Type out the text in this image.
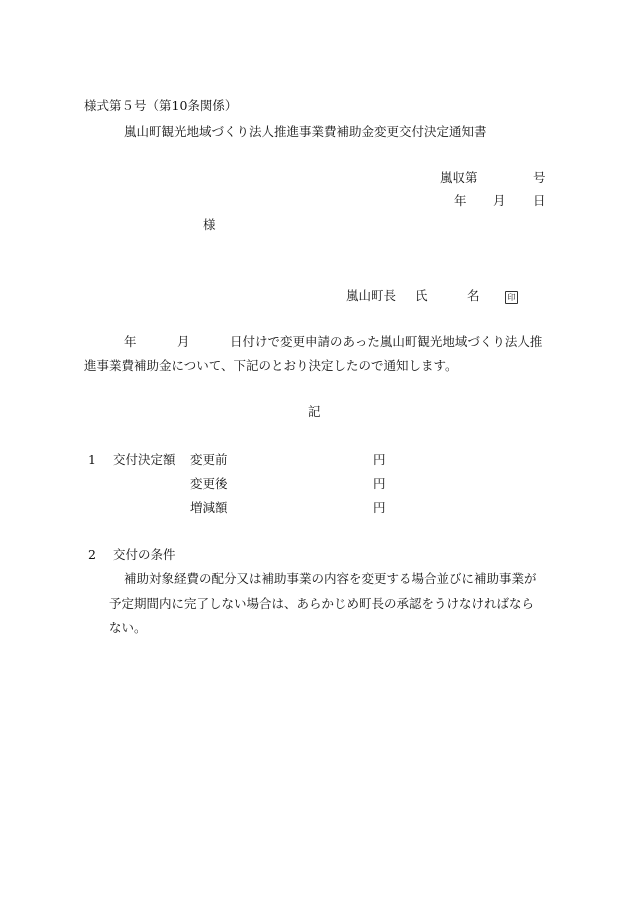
様式第５号（第10条関係）
嵐山町観光地域づくり法人推進事業費補助金変更交付決定通知書
嵐収第	号
年 月 日
様
嵐山町長 氏	名	印
年	月	日付けで変更申請のあった嵐山町観光地域づくり法人推
進事業費補助金について、下記のとおり決定したので通知します。
記
1 交付決定額 変更前	円
変更後	円
増減額	円
2 交付の条件
補助対象経費の配分又は補助事業の内容を変更する場合並びに補助事業が
予定期間内に完了しない場合は、あらかじめ町長の承認をうけなければなら
ない。
